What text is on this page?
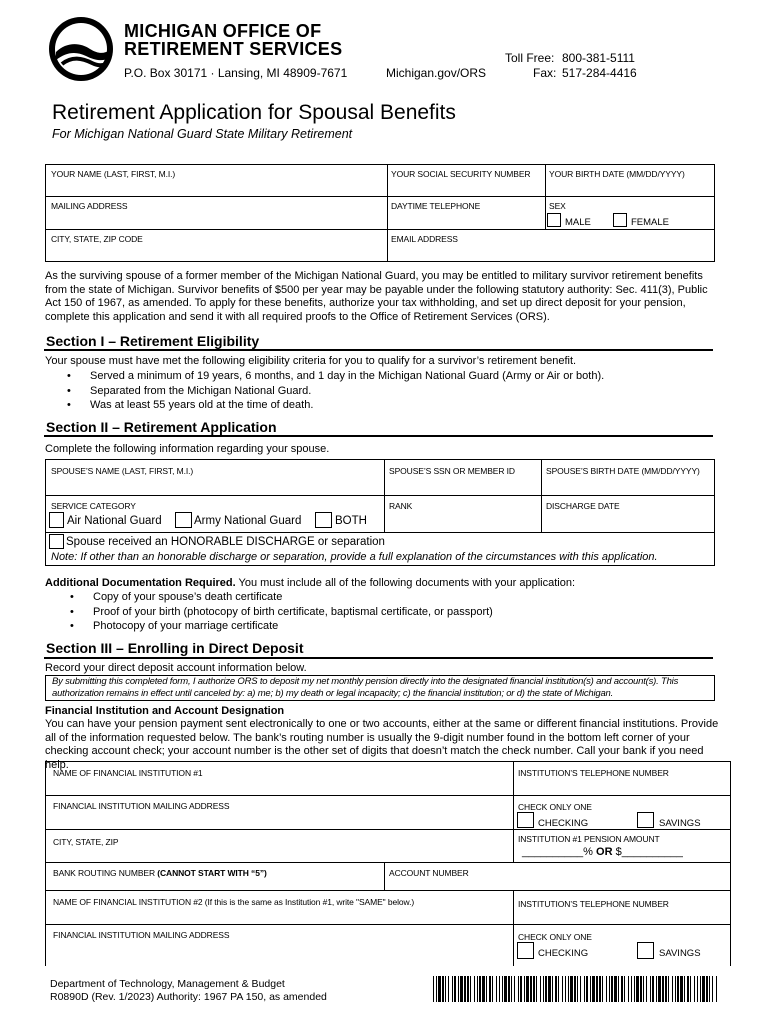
MICHIGAN OFFICE OF
RETIREMENT SERVICES
P.O. Box 30171 · Lansing, MI 48909-7671	Michigan.gov/ORS
Toll Free: 800-381-5111
Fax: 517-284-4416
Retirement Application for Spousal Benefits
For Michigan National Guard State Military Retirement
YOUR NAME (LAST, FIRST, M.I.)	YOUR SOCIAL SECURITY NUMBER YOUR BIRTH DATE (MM/DD/YYYY)
MAILING ADDRESS	DAYTIME TELEPHONE	SEX
MALE	FEMALE
CITY, STATE, ZIP CODE	EMAIL ADDRESS
As the surviving spouse of a former member of the Michigan National Guard, you may be entitled to military survivor retirement benefits from the state of Michigan. Survivor benefits of $500 per year may be payable under the following statutory authority: Sec. 411(3), Public Act 150 of 1967, as amended. To apply for these benefits, authorize your tax withholding, and set up direct deposit for your pension, complete this application and send it with all required proofs to the Office of Retirement Services (ORS).
Section I – Retirement Eligibility
Your spouse must have met the following eligibility criteria for you to qualify for a survivor’s retirement benefit.
• Served a minimum of 19 years, 6 months, and 1 day in the Michigan National Guard (Army or Air or both).
• Separated from the Michigan National Guard.
• Was at least 55 years old at the time of death.
Section II – Retirement Application
Complete the following information regarding your spouse.
SPOUSE’S NAME (LAST, FIRST, M.I.)	SPOUSE’S SSN OR MEMBER ID	SPOUSE’S BIRTH DATE (MM/DD/YYYY)
SERVICE CATEGORY
Air National Guard	Army National Guard	BOTH
RANK	DISCHARGE DATE
Spouse received an HONORABLE DISCHARGE or separation
Note: If other than an honorable discharge or separation, provide a full explanation of the circumstances with this application.
Additional Documentation Required. You must include all of the following documents with your application:
• Copy of your spouse’s death certificate
• Proof of your birth (photocopy of birth certificate, baptismal certificate, or passport)
• Photocopy of your marriage certificate
Section III – Enrolling in Direct Deposit
Record your direct deposit account information below.
By submitting this completed form, I authorize ORS to deposit my net monthly pension directly into the designated financial institution(s) and account(s). This authorization remains in effect until canceled by: a) me; b) my death or legal incapacity; c) the financial institution; or d) the state of Michigan.
Financial Institution and Account Designation
You can have your pension payment sent electronically to one or two accounts, either at the same or different financial institutions. Provide all of the information requested below. The bank’s routing number is usually the 9-digit number found in the bottom left corner of your checking account check; your account number is the other set of digits that doesn’t match the check number. Call your bank if you need help.
NAME OF FINANCIAL INSTITUTION #1	INSTITUTION’S TELEPHONE NUMBER
FINANCIAL INSTITUTION MAILING ADDRESS	CHECK ONLY ONE
CHECKING	SAVINGS
CITY, STATE, ZIP	INSTITUTION #1 PENSION AMOUNT
__________% OR $__________
BANK ROUTING NUMBER (CANNOT START WITH “5”)	ACCOUNT NUMBER
NAME OF FINANCIAL INSTITUTION #2 (If this is the same as Institution #1, write "SAME" below.)	INSTITUTION’S TELEPHONE NUMBER
FINANCIAL INSTITUTION MAILING ADDRESS	CHECK ONLY ONE
CHECKING	SAVINGS
Department of Technology, Management & Budget
R0890D (Rev. 1/2023) Authority: 1967 PA 150, as amended
